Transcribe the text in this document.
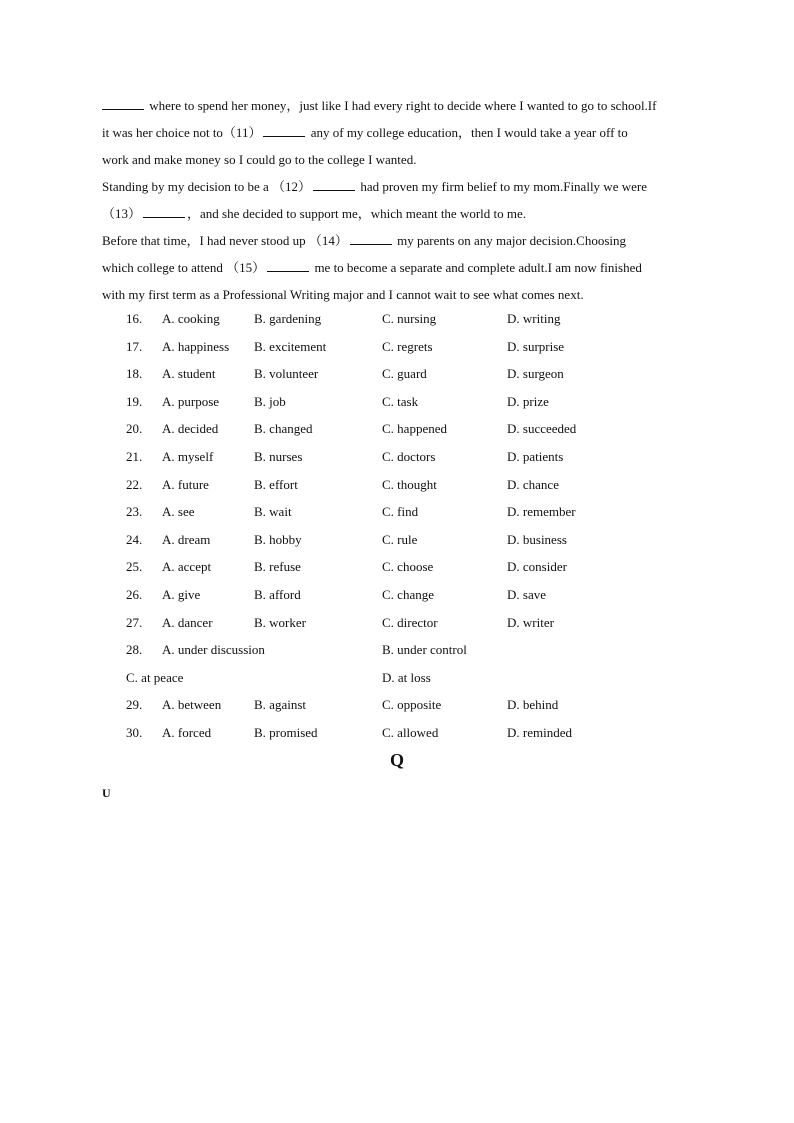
where to spend her money，just like I had every right to decide where I wanted to go to school.If
it was her choice not to（11）	any of my college education，then I would take a year off to
work and make money so I could go to the college I wanted.
Standing by my decision to be a （12）	had proven my firm belief to my mom.Finally we were
（13）	，and she decided to support me，which meant the world to me.
Before that time，I had never stood up （14）	my parents on any major decision.Choosing
which college to attend （15）	me to become a separate and complete adult.I am now finished
with my first term as a Professional Writing major and I cannot wait to see what comes next.
16. A. cooking	B. gardening	C. nursing	D. writing
17. A. happiness B. excitement	C. regrets	D. surprise
18. A. student	B. volunteer	C. guard	D. surgeon
19. A. purpose	B. job	C. task	D. prize
20. A. decided	B. changed	C. happened	D. succeeded
21. A. myself	B. nurses	C. doctors	D. patients
22. A. future	B. effort	C. thought	D. chance
23. A. see	B. wait	C. find	D. remember
24. A. dream	B. hobby	C. rule	D. business
25. A. accept	B. refuse	C. choose	D. consider
26. A. give	B. afford	C. change	D. save
27. A. dancer	B. worker	C. director	D. writer
28. A. under discussion	B. under control
C. at peace	D. at loss
29. A. between	B. against	C. opposite	D. behind
30. A. forced	B. promised	C. allowed	D. reminded
Q
U
